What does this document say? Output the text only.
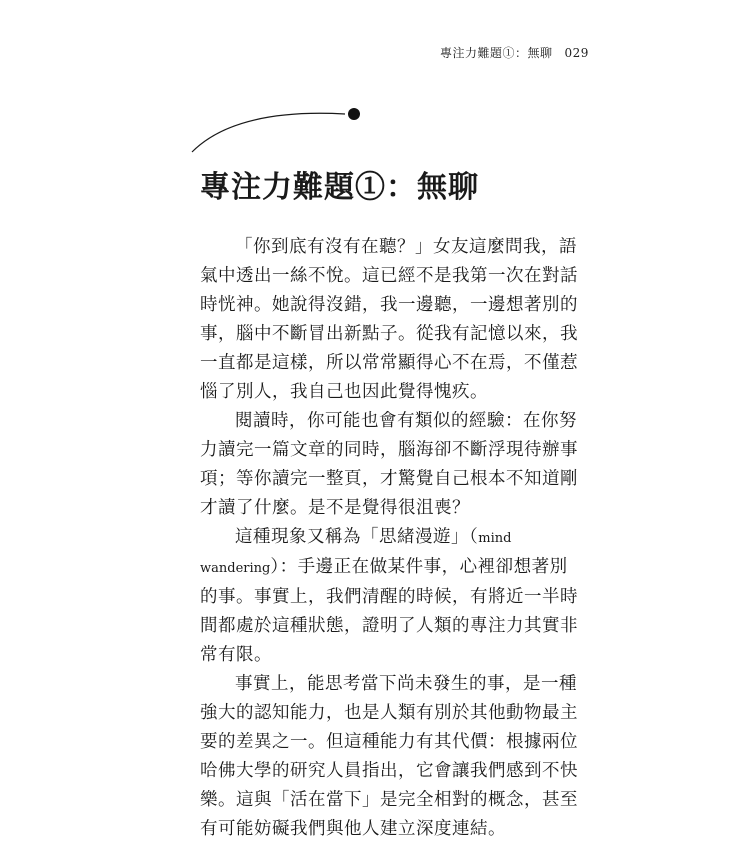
專注力難題①：無聊 029
專注力難題①：無聊

「你到底有沒有在聽？」女友這麼問我，語氣中透出一絲不悅。這已經不是我第一次在對話時恍神。她說得沒錯，我一邊聽，一邊想著別的事，腦中不斷冒出新點子。從我有記憶以來，我一直都是這樣，所以常常顯得心不在焉，不僅惹惱了別人，我自己也因此覺得愧疚。

閱讀時，你可能也會有類似的經驗：在你努力讀完一篇文章的同時，腦海卻不斷浮現待辦事項；等你讀完一整頁，才驚覺自己根本不知道剛才讀了什麼。是不是覺得很沮喪？

這種現象又稱為「思緒漫遊」（mind wandering）：手邊正在做某件事，心裡卻想著別的事。事實上，我們清醒的時候，有將近一半時間都處於這種狀態，證明了人類的專注力其實非常有限。

事實上，能思考當下尚未發生的事，是一種強大的認知能力，也是人類有別於其他動物最主要的差異之一。但這種能力有其代價：根據兩位哈佛大學的研究人員指出，它會讓我們感到不快樂。這與「活在當下」是完全相對的概念，甚至有可能妨礙我們與他人建立深度連結。
